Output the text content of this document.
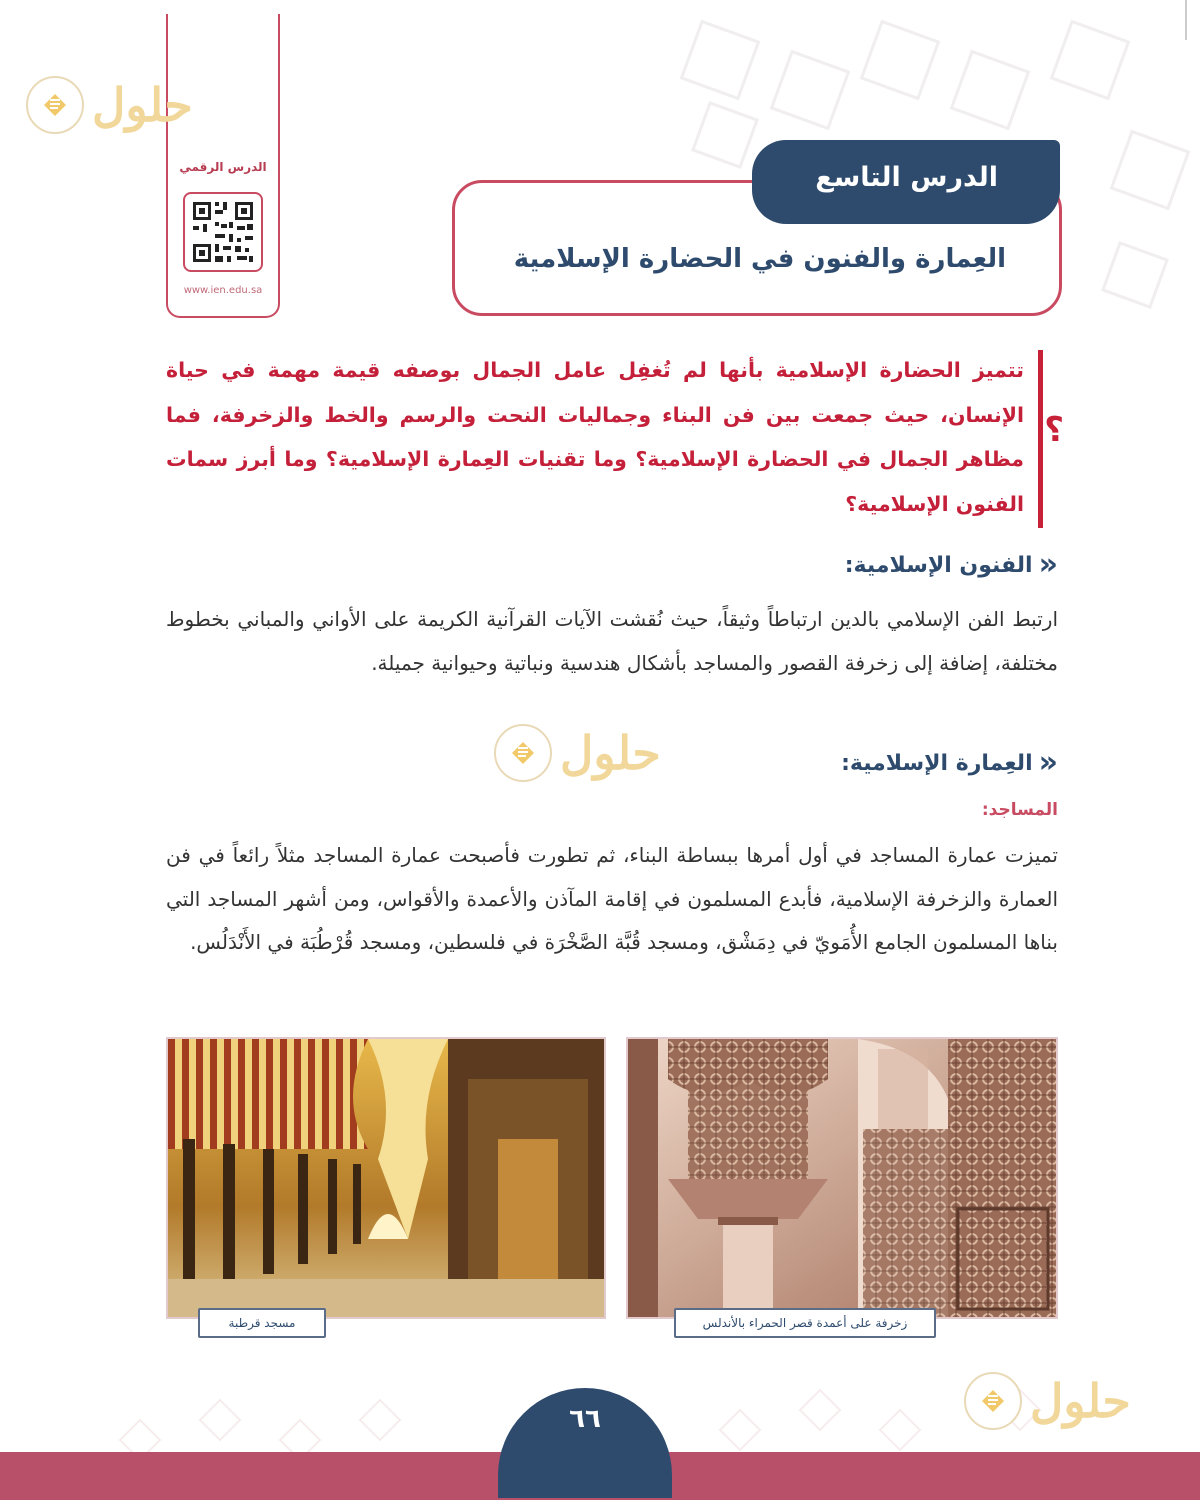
الدرس الرقمي
www.ien.edu.sa
حلول
حلول
حلول
الدرس التاسع
العِمارة والفنون في الحضارة الإسلامية
؟
تتميز الحضارة الإسلامية بأنها لم تُغفِل عامل الجمال بوصفه قيمة مهمة في حياة الإنسان، حيث جمعت بين فن البناء وجماليات النحت والرسم والخط والزخرفة، فما مظاهر الجمال في الحضارة الإسلامية؟ وما تقنيات العِمارة الإسلامية؟ وما أبرز سمات الفنون الإسلامية؟
«
الفنون الإسلامية:
ارتبط الفن الإسلامي بالدين ارتباطاً وثيقاً، حيث نُقشت الآيات القرآنية الكريمة على الأواني والمباني بخطوط مختلفة، إضافة إلى زخرفة القصور والمساجد بأشكال هندسية ونباتية وحيوانية جميلة.
«
العِمارة الإسلامية:
المساجد:
تميزت عمارة المساجد في أول أمرها ببساطة البناء، ثم تطورت فأصبحت عمارة المساجد مثلاً رائعاً في فن العمارة والزخرفة الإسلامية، فأبدع المسلمون في إقامة المآذن والأعمدة والأقواس، ومن أشهر المساجد التي بناها المسلمون الجامع الأُمَويّ في دِمَشْق، ومسجد قُبَّة الصَّخْرَة في فلسطين، ومسجد قُرْطُبَة في الأَنْدَلُس.
زخرفة على أعمدة قصر الحمراء بالأندلس
مسجد قرطبة
٦٦
